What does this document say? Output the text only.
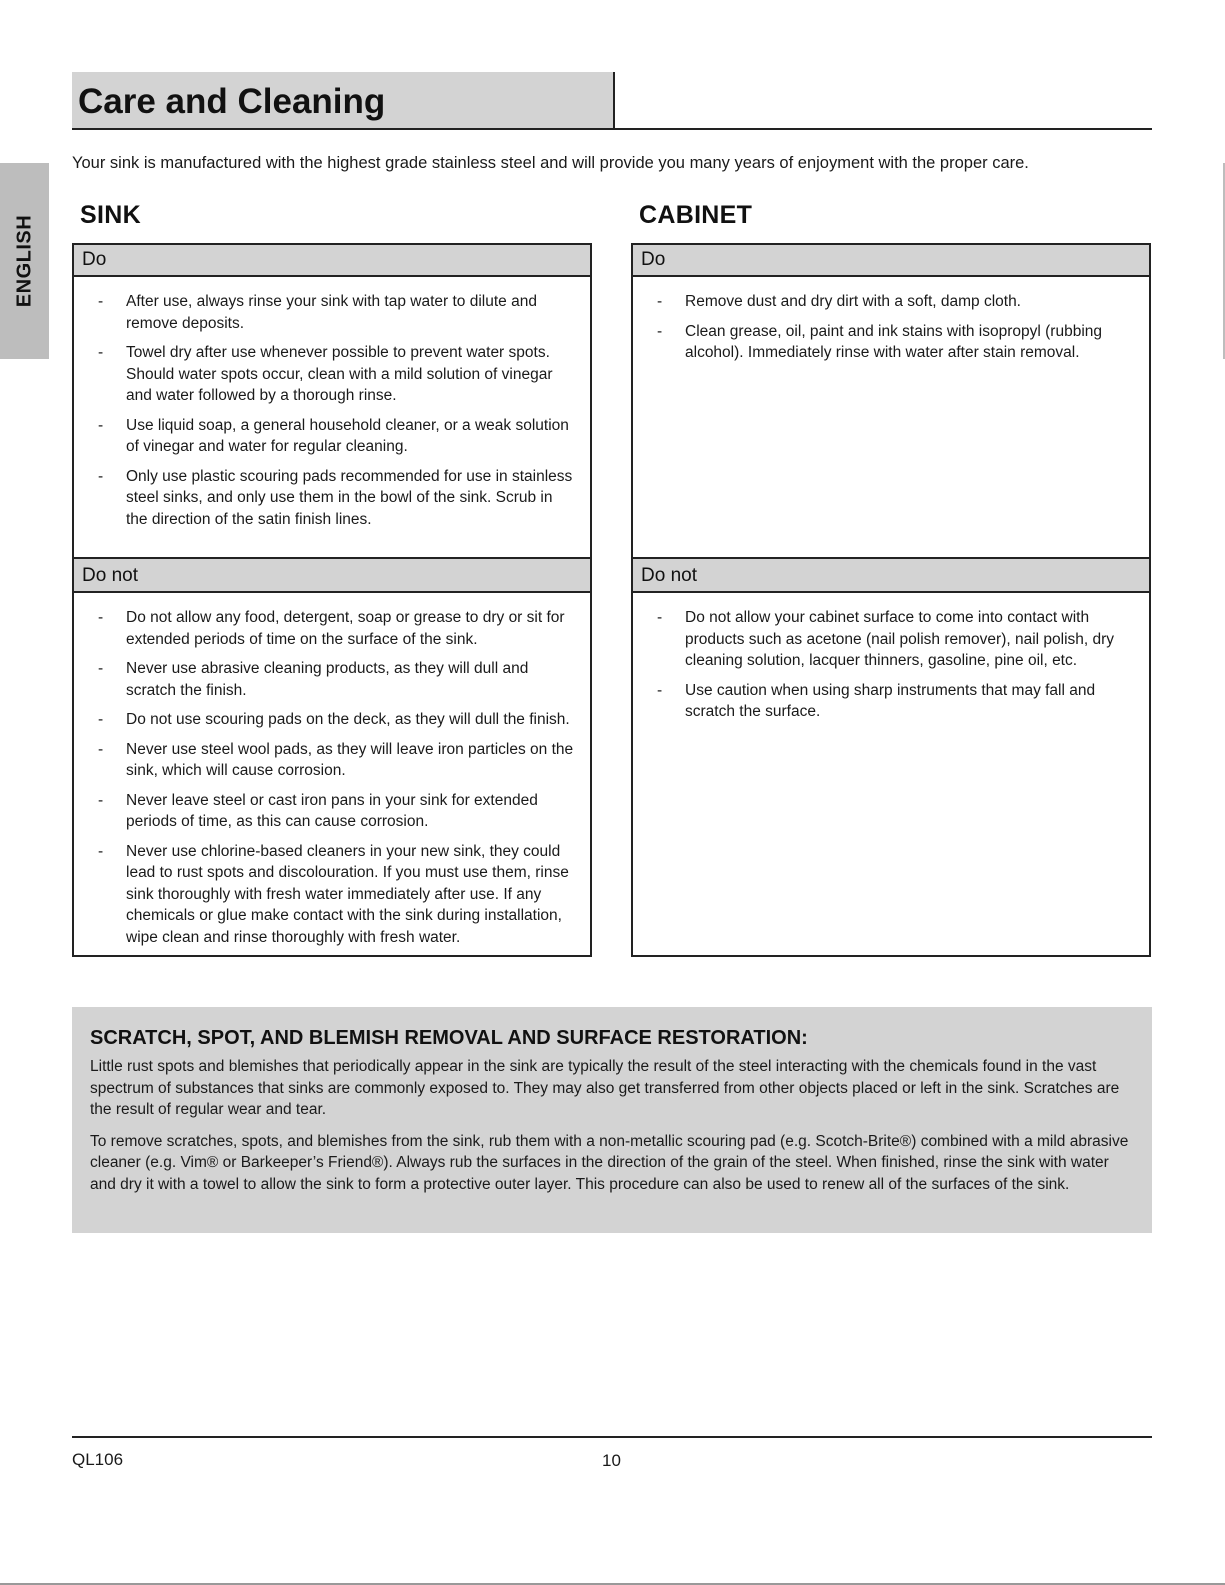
ENGLISH
Care and Cleaning
Your sink is manufactured with the highest grade stainless steel and will provide you many years of enjoyment with the proper care.
SINK	CABINET
Do
- After use, always rinse your sink with tap water to dilute and remove deposits.
- Towel dry after use whenever possible to prevent water spots. Should water spots occur, clean with a mild solution of vinegar and water followed by a thorough rinse.
- Use liquid soap, a general household cleaner, or a weak solution of vinegar and water for regular cleaning.
- Only use plastic scouring pads recommended for use in stainless steel sinks, and only use them in the bowl of the sink. Scrub in the direction of the satin finish lines.
Do not
- Do not allow any food, detergent, soap or grease to dry or sit for extended periods of time on the surface of the sink.
- Never use abrasive cleaning products, as they will dull and scratch the finish.
- Do not use scouring pads on the deck, as they will dull the finish.
- Never use steel wool pads, as they will leave iron particles on the sink, which will cause corrosion.
- Never leave steel or cast iron pans in your sink for extended periods of time, as this can cause corrosion.
- Never use chlorine-based cleaners in your new sink, they could lead to rust spots and discolouration. If you must use them, rinse sink thoroughly with fresh water immediately after use. If any chemicals or glue make contact with the sink during installation, wipe clean and rinse thoroughly with fresh water.
Do
- Remove dust and dry dirt with a soft, damp cloth.
- Clean grease, oil, paint and ink stains with isopropyl (rubbing alcohol). Immediately rinse with water after stain removal.
Do not
- Do not allow your cabinet surface to come into contact with products such as acetone (nail polish remover), nail polish, dry cleaning solution, lacquer thinners, gasoline, pine oil, etc.
- Use caution when using sharp instruments that may fall and scratch the surface.
SCRATCH, SPOT, AND BLEMISH REMOVAL AND SURFACE RESTORATION:

Little rust spots and blemishes that periodically appear in the sink are typically the result of the steel interacting with the chemicals found in the vast spectrum of substances that sinks are commonly exposed to. They may also get transferred from other objects placed or left in the sink. Scratches are the result of regular wear and tear.

To remove scratches, spots, and blemishes from the sink, rub them with a non-metallic scouring pad (e.g. Scotch-Brite®) combined with a mild abrasive cleaner (e.g. Vim® or Barkeeper’s Friend®). Always rub the surfaces in the direction of the grain of the steel. When finished, rinse the sink with water and dry it with a towel to allow the sink to form a protective outer layer. This procedure can also be used to renew all of the surfaces of the sink.

QL106	10
